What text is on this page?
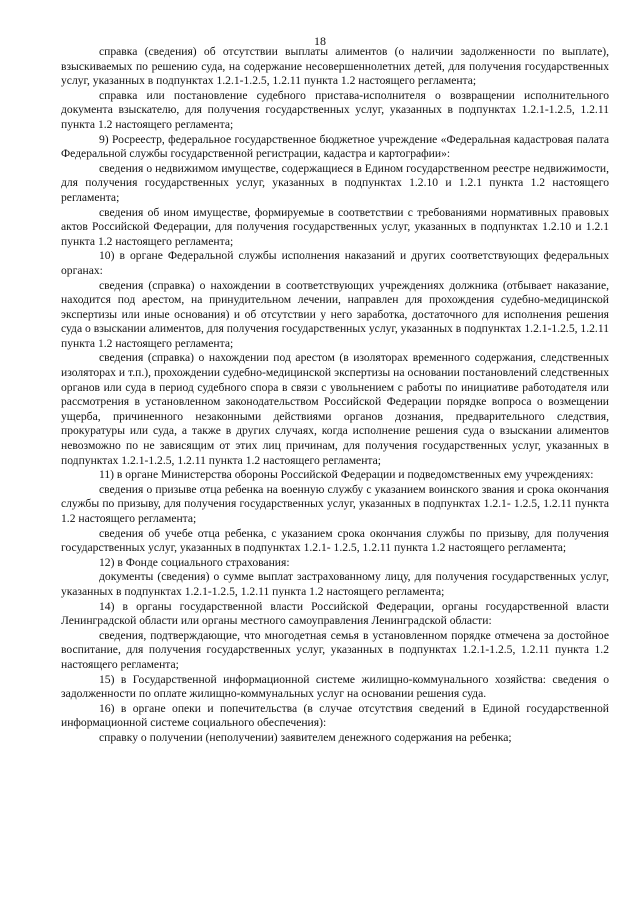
18

справка (сведения) об отсутствии выплаты алиментов (о наличии задолженности по выплате), взыскиваемых по решению суда, на содержание несовершеннолетних детей, для получения государственных услуг, указанных в подпунктах 1.2.1-1.2.5, 1.2.11 пункта 1.2 настоящего регламента;

справка или постановление судебного пристава-исполнителя о возвращении исполнительного документа взыскателю, для получения государственных услуг, указанных в подпунктах 1.2.1-1.2.5, 1.2.11 пункта 1.2 настоящего регламента;

9) Росреестр, федеральное государственное бюджетное учреждение «Федеральная кадастровая палата Федеральной службы государственной регистрации, кадастра и картографии»:

сведения о недвижимом имуществе, содержащиеся в Едином государственном реестре недвижимости, для получения государственных услуг, указанных в подпунктах 1.2.10 и 1.2.1 пункта 1.2 настоящего регламента;

сведения об ином имуществе, формируемые в соответствии с требованиями нормативных правовых актов Российской Федерации, для получения государственных услуг, указанных в подпунктах 1.2.10 и 1.2.1 пункта 1.2 настоящего регламента;

10) в органе Федеральной службы исполнения наказаний и других соответствующих федеральных органах:

сведения (справка) о нахождении в соответствующих учреждениях должника (отбывает наказание, находится под арестом, на принудительном лечении, направлен для прохождения судебно-медицинской экспертизы или иные основания) и об отсутствии у него заработка, достаточного для исполнения решения суда о взыскании алиментов, для получения государственных услуг, указанных в подпунктах 1.2.1-1.2.5, 1.2.11 пункта 1.2 настоящего регламента;

сведения (справка) о нахождении под арестом (в изоляторах временного содержания, следственных изоляторах и т.п.), прохождении судебно-медицинской экспертизы на основании постановлений следственных органов или суда в период судебного спора в связи с увольнением с работы по инициативе работодателя или рассмотрения в установленном законодательством Российской Федерации порядке вопроса о возмещении ущерба, причиненного незаконными действиями органов дознания, предварительного следствия, прокуратуры или суда, а также в других случаях, когда исполнение решения суда о взыскании алиментов невозможно по не зависящим от этих лиц причинам, для получения государственных услуг, указанных в подпунктах 1.2.1-1.2.5, 1.2.11 пункта 1.2 настоящего регламента;

11) в органе Министерства обороны Российской Федерации и подведомственных ему учреждениях:

сведения о призыве отца ребенка на военную службу с указанием воинского звания и срока окончания службы по призыву, для получения государственных услуг, указанных в подпунктах 1.2.1- 1.2.5, 1.2.11 пункта 1.2 настоящего регламента;

сведения об учебе отца ребенка, с указанием срока окончания службы по призыву, для получения государственных услуг, указанных в подпунктах 1.2.1- 1.2.5, 1.2.11 пункта 1.2 настоящего регламента;

12) в Фонде социального страхования:

документы (сведения) о сумме выплат застрахованному лицу, для получения государственных услуг, указанных в подпунктах 1.2.1-1.2.5, 1.2.11 пункта 1.2 настоящего регламента;

14) в органы государственной власти Российской Федерации, органы государственной власти Ленинградской области или органы местного самоуправления Ленинградской области:

сведения, подтверждающие, что многодетная семья в установленном порядке отмечена за достойное воспитание, для получения государственных услуг, указанных в подпунктах 1.2.1-1.2.5, 1.2.11 пункта 1.2 настоящего регламента;

15) в Государственной информационной системе жилищно-коммунального хозяйства: сведения о задолженности по оплате жилищно-коммунальных услуг на основании решения суда.

16) в органе опеки и попечительства (в случае отсутствия сведений в Единой государственной информационной системе социального обеспечения):

справку о получении (неполучении) заявителем денежного содержания на ребенка;
